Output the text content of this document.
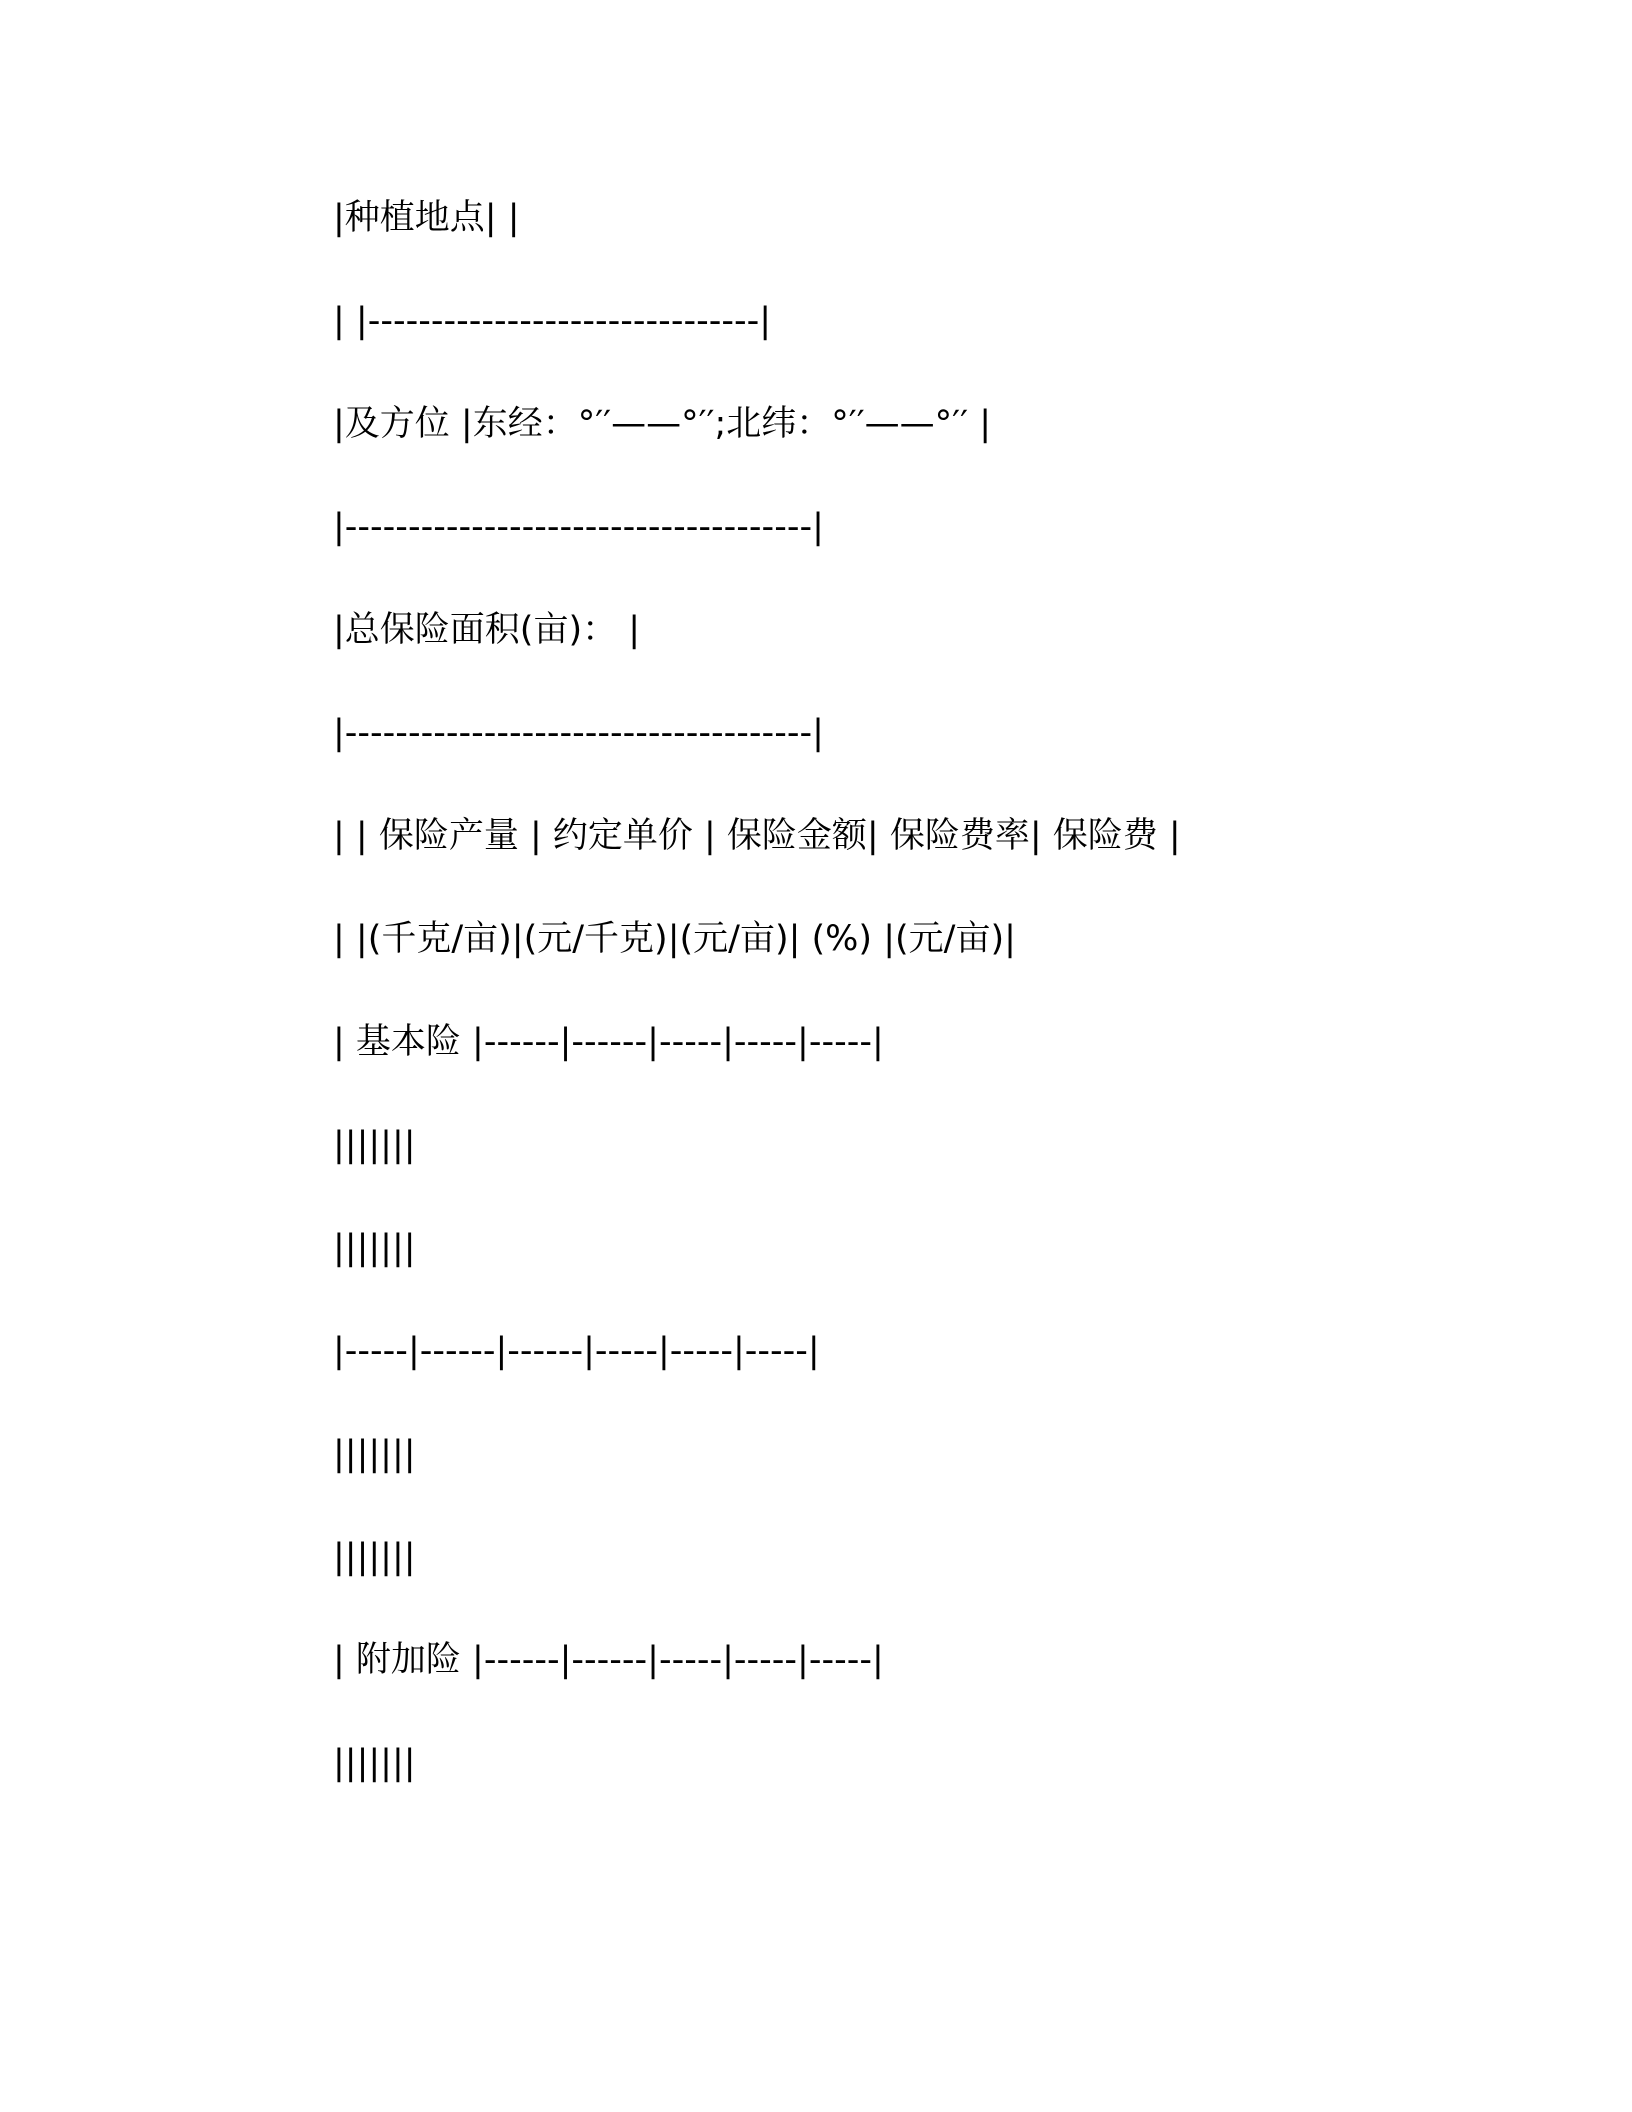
|种植地点| |
| |-------------------------------|
|及方位 |东经：°′′——°′′;北纬：°′′——°′′ |
|-------------------------------------|
|总保险面积(亩)： |
|-------------------------------------|
| | 保险产量 | 约定单价 | 保险金额| 保险费率| 保险费 |
| |(千克/亩)|(元/千克)|(元/亩)| (%) |(元/亩)|
| 基本险 |------|------|-----|-----|-----|
|||||||
|||||||
|-----|------|------|-----|-----|-----|
|||||||
|||||||
| 附加险 |------|------|-----|-----|-----|
|||||||
